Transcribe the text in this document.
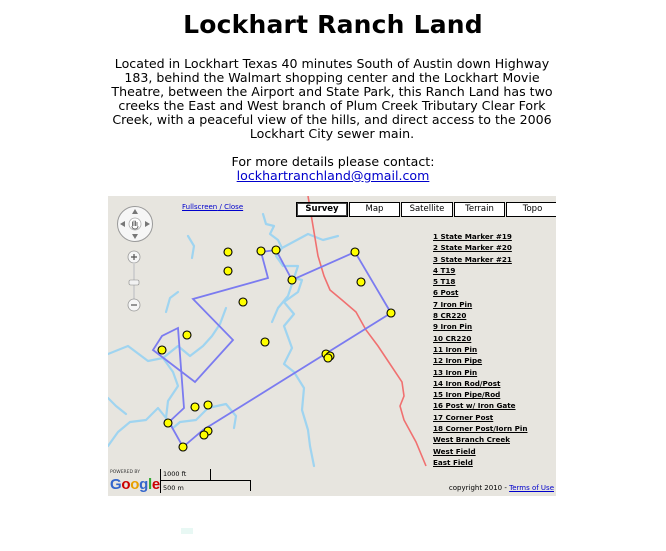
Lockhart Ranch Land
Located in Lockhart Texas 40 minutes South of Austin down Highway 183, behind the Walmart shopping center and the Lockhart Movie Theatre, between the Airport and State Park, this Ranch Land has two creeks the East and West branch of Plum Creek Tributary Clear Fork Creek, with a peaceful view of the hills, and direct access to the 2006 Lockhart City sewer main.
For more details please contact:
lockhartranchland@gmail.com
Fullscreen / Close	Survey	Map	Satellite	Terrain	Topo
1 State Marker #19
2 State Marker #20
3 State Marker #21
4 T19
5 T18
6 Post
7 Iron Pin
8 CR220
9 Iron Pin
10 CR220
11 Iron Pin
12 Iron Pipe
13 Iron Pin
14 Iron Rod/Post
15 Iron Pipe/Rod
16 Post w/ Iron Gate
17 Corner Post
18 Corner Post/Iorn Pin
West Branch Creek
West Field
East Field
POWERED BY
Google
1000 ft
500 m	copyright 2010 - Terms of Use
